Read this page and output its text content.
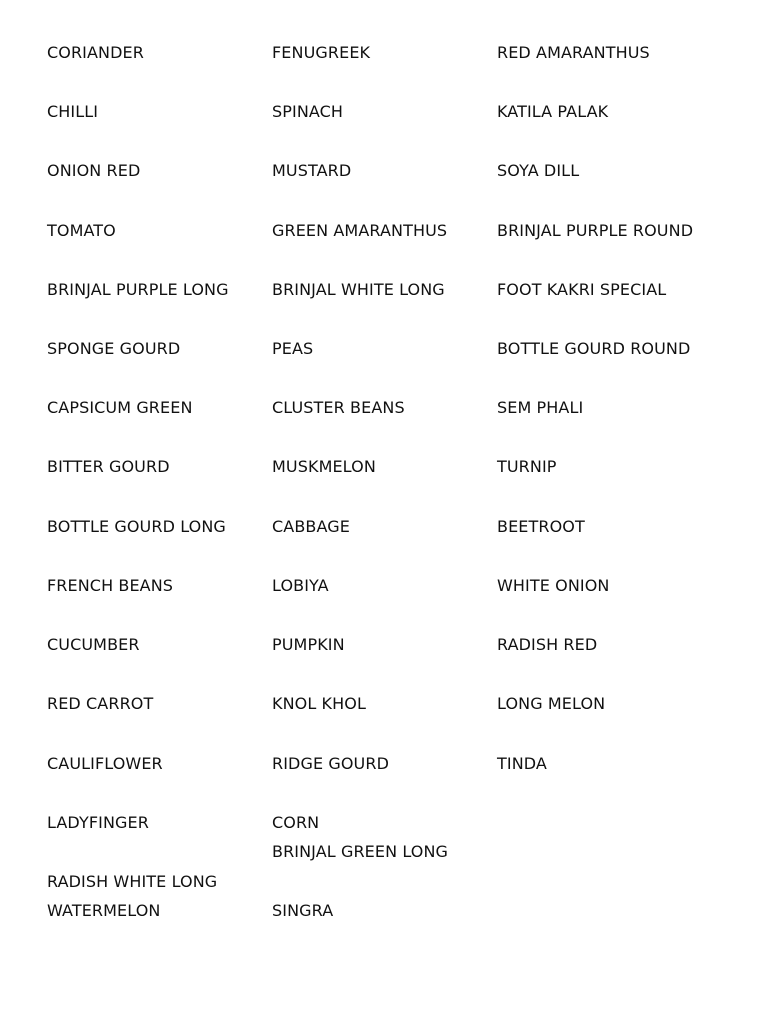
CORIANDER
CHILLI
ONION RED
TOMATO
BRINJAL PURPLE LONG
SPONGE GOURD
CAPSICUM GREEN
BITTER GOURD
BOTTLE GOURD LONG
FRENCH BEANS
CUCUMBER
RED CARROT
CAULIFLOWER
LADYFINGER
RADISH WHITE LONG
WATERMELON
FENUGREEK
SPINACH
MUSTARD
GREEN AMARANTHUS
BRINJAL WHITE LONG
PEAS
CLUSTER BEANS
MUSKMELON
CABBAGE
LOBIYA
PUMPKIN
KNOL KHOL
RIDGE GOURD
CORN
BRINJAL GREEN LONG
SINGRA
RED AMARANTHUS
KATILA PALAK
SOYA DILL
BRINJAL PURPLE ROUND
FOOT KAKRI SPECIAL
BOTTLE GOURD ROUND
SEM PHALI
TURNIP
BEETROOT
WHITE ONION
RADISH RED
LONG MELON
TINDA
